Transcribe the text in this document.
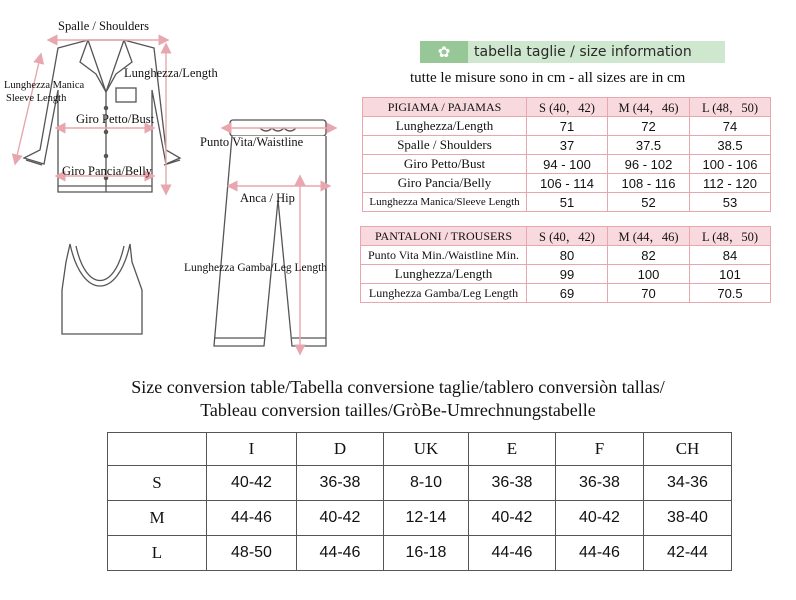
Spalle / Shoulders
Lunghezza/Length
Lunghezza Manica
Sleeve Length
Giro Petto/Bust
Giro Pancia/Belly
Punto Vita/Waistline
Anca / Hip
Lunghezza Gamba/Leg Length
✿	tabella taglie / size information
tutte le misure sono in cm - all sizes are in cm
PIGIAMA / PAJAMAS	S (40，42)	M (44，46)	L (48，50)
Lunghezza/Length	71	72	74
Spalle / Shoulders	37	37.5	38.5
Giro Petto/Bust	94 - 100	96 - 102	100 - 106
Giro Pancia/Belly	106 - 114	108 - 116	112 - 120
Lunghezza Manica/Sleeve Length	51	52	53
PANTALONI / TROUSERS	S (40，42)	M (44，46)	L (48，50)
Punto Vita Min./Waistline Min.	80	82	84
Lunghezza/Length	99	100	101
Lunghezza Gamba/Leg Length	69	70	70.5
Size conversion table/Tabella conversione taglie/tablero conversiòn tallas/
Tableau conversion tailles/GròBe-Umrechnungstabelle
	I	D	UK	E	F	CH
S	40-42	36-38	8-10	36-38	36-38	34-36
M	44-46	40-42	12-14	40-42	40-42	38-40
L	48-50	44-46	16-18	44-46	44-46	42-44
